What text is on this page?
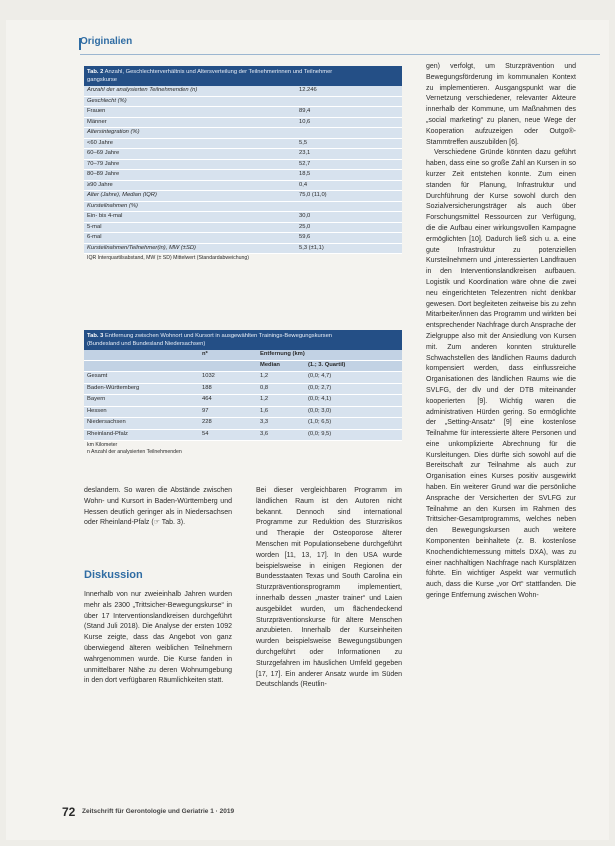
Originalien
Tab. 2 Anzahl, Geschlechterverhältnis und Altersverteilung der Teilnehmerinnen und Teilnehmer
gangskurse
Anzahl der analysierten Teilnehmenden (n)	12.246
Geschlecht (%)
Frauen	89,4
Männer	10,6
Altersintegration (%)
<60 Jahre	5,5
60–69 Jahre	23,1
70–79 Jahre	52,7
80–89 Jahre	18,5
≥90 Jahre	0,4
Alter (Jahre), Median (IQR)	75,0 (11,0)
Kursteilnahmen (%)
Ein- bis 4-mal	30,0
5-mal	25,0
6-mal	59,6
Kursteilnahmen/Teilnehmer(in), MW (±SD)	5,3 (±1,1)
IQR Interquartilsabstand, MW (± SD) Mittelwert (Standardabweichung)
Tab. 3 Entfernung zwischen Wohnort und Kursort in ausgewählten Trainings-Bewegungskursen
(Bundesland und Bundesland Niedersachsen)
n*	Entfernung (km)
Median	(1.; 3. Quartil)
Gesamt	1032	1,2	(0,0; 4,7)
Baden-Württemberg	188	0,8	(0,0; 2,7)
Bayern	464	1,2	(0,0; 4,1)
Hessen	97	1,6	(0,0; 3,0)
Niedersachsen	228	3,3	(1,0; 6,5)
Rheinland-Pfalz	54	3,6	(0,0; 9,5)
km Kilometer
n Anzahl der analysierten Teilnehmenden

deslandern. So waren die Abstände zwischen Wohn- und Kursort in Baden-Württemberg und Hessen deutlich geringer als in Niedersachsen oder Rheinland-Pfalz (☞ Tab. 3).

Diskussion

Innerhalb von nur zweieinhalb Jahren wurden mehr als 2300 „Trittsicher-Bewegungskurse“ in über 17 Interventionslandkreisen durchgeführt (Stand Juli 2018). Die Analyse der ersten 1092 Kurse zeigte, dass das Angebot von ganz überwiegend älteren weiblichen Teilnehmern wahrgenommen wurde. Die Kurse fanden in unmittelbarer Nähe zu deren Wohnumgebung in den dort verfügbaren Räumlichkeiten statt.

Bei dieser vergleichbaren Programm im ländlichen Raum ist den Autoren nicht bekannt. Dennoch sind international Programme zur Reduktion des Sturzrisikos und Therapie der Osteoporose älterer Menschen mit Populationsebene durchgeführt worden [11, 13, 17]. In den USA wurde beispielsweise in einigen Regionen der Bundesstaaten Texas und South Carolina ein Sturzpräventionsprogramm implementiert, innerhalb dessen „master trainer“ und Laien ausgebildet wurden, um flächendeckend Sturzpräventionskurse für ältere Menschen anzubieten. Innerhalb der Kurseinheiten wurden beispielsweise Bewegungsübungen durchgeführt oder Informationen zu Sturzgefahren im häuslichen Umfeld gegeben [17, 17]. Ein anderer Ansatz wurde im Süden Deutschlands (Reutlin-

gen) verfolgt, um Sturzprävention und Bewegungsförderung im kommunalen Kontext zu implementieren. Ausgangspunkt war die Vernetzung verschiedener, relevanter Akteure innerhalb der Kommune, um Maßnahmen des „social marketing“ zu planen, neue Wege der Kooperation aufzuzeigen oder Outgo®-Stammtreffen auszubilden [6].

Verschiedene Gründe könnten dazu geführt haben, dass eine so große Zahl an Kursen in so kurzer Zeit entstehen konnte. Zum einen standen für Planung, Infrastruktur und Durchführung der Kurse sowohl durch den Sozialversicherungsträger als auch über Forschungsmittel Ressourcen zur Verfügung, die die Aufbau einer wirkungsvollen Kampagne ermöglichten [10]. Dadurch ließ sich u. a. eine gute Infrastruktur zu potenziellen Kursteilnehmern und „interessierten Landfrauen in den Interventionslandkreisen aufbauen. Logistik und Koordination wäre ohne die zwei neu eingerichteten Telezentren nicht denkbar gewesen. Dort begleiteten zeitweise bis zu zehn Mitarbeiter/innen das Programm und wirkten bei entsprechender Nachfrage durch Ansprache der Zielgruppe also mit der Ansiedlung von Kursen mit. Zum anderen konnten strukturelle Schwachstellen des ländlichen Raums dadurch kompensiert werden, dass einflussreiche Organisationen des ländlichen Raums wie die SVLFG, der dlv und der DTB miteinander kooperierten [9]. Wichtig waren die administrativen Hürden gering. So ermöglichte der „Setting-Ansatz“ [9] eine kostenlose Teilnahme für interessierte ältere Personen und eine unkomplizierte Abrechnung für die Kursleitungen. Dies dürfte sich sowohl auf die Bereitschaft zur Teilnahme als auch zur Organisation eines Kurses positiv ausgewirkt haben. Ein weiterer Grund war die persönliche Ansprache der Versicherten der SVLFG zur Teilnahme an den Kursen im Rahmen des Trittsicher-Gesamtprogramms, welches neben den Bewegungskursen auch weitere Komponenten beinhaltete (z. B. kostenlose Knochendichtemessung mittels DXA), was zu einer nachhaltigen Nachfrage nach Kursplätzen führte. Ein wichtiger Aspekt war vermutlich auch, dass die Kurse „vor Ort“ stattfanden. Die geringe Entfernung zwischen Wohn-

72 Zeitschrift für Gerontologie und Geriatrie 1 · 2019
